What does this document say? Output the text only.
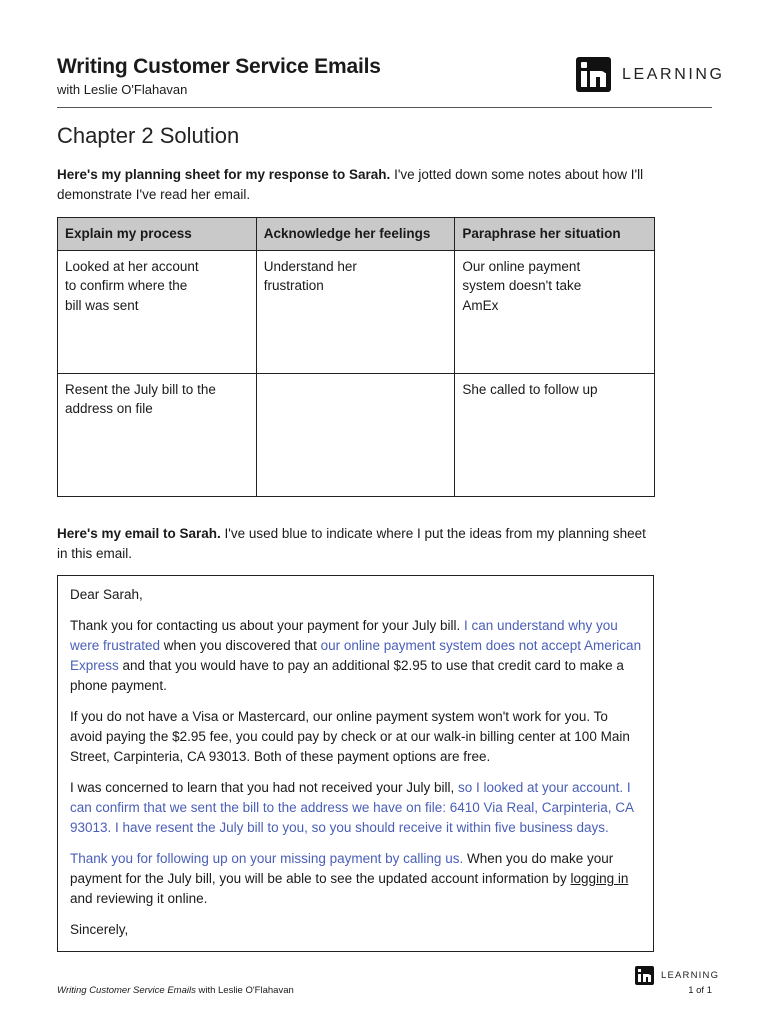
Writing Customer Service Emails
with Leslie O'Flahavan
LEARNING
Chapter 2 Solution
Here's my planning sheet for my response to Sarah. I've jotted down some notes about how I'll demonstrate I've read her email.
Explain my process	Acknowledge her feelings	Paraphrase her situation

Looked at her account to confirm where the bill was sent	Understand her frustration	Our online payment system doesn't take AmEx

Resent the July bill to the address on file		She called to follow up
Here's my email to Sarah. I've used blue to indicate where I put the ideas from my planning sheet in this email.

Dear Sarah,

Thank you for contacting us about your payment for your July bill. I can understand why you were frustrated when you discovered that our online payment system does not accept American Express and that you would have to pay an additional $2.95 to use that credit card to make a phone payment.

If you do not have a Visa or Mastercard, our online payment system won't work for you. To avoid paying the $2.95 fee, you could pay by check or at our walk-in billing center at 100 Main Street, Carpinteria, CA 93013. Both of these payment options are free.

I was concerned to learn that you had not received your July bill, so I looked at your account. I can confirm that we sent the bill to the address we have on file: 6410 Via Real, Carpinteria, CA 93013. I have resent the July bill to you, so you should receive it within five business days.

Thank you for following up on your missing payment by calling us. When you do make your payment for the July bill, you will be able to see the updated account information by logging in and reviewing it online.

Sincerely,

Writing Customer Service Emails with Leslie O'Flahavan
LEARNING
1 of 1
